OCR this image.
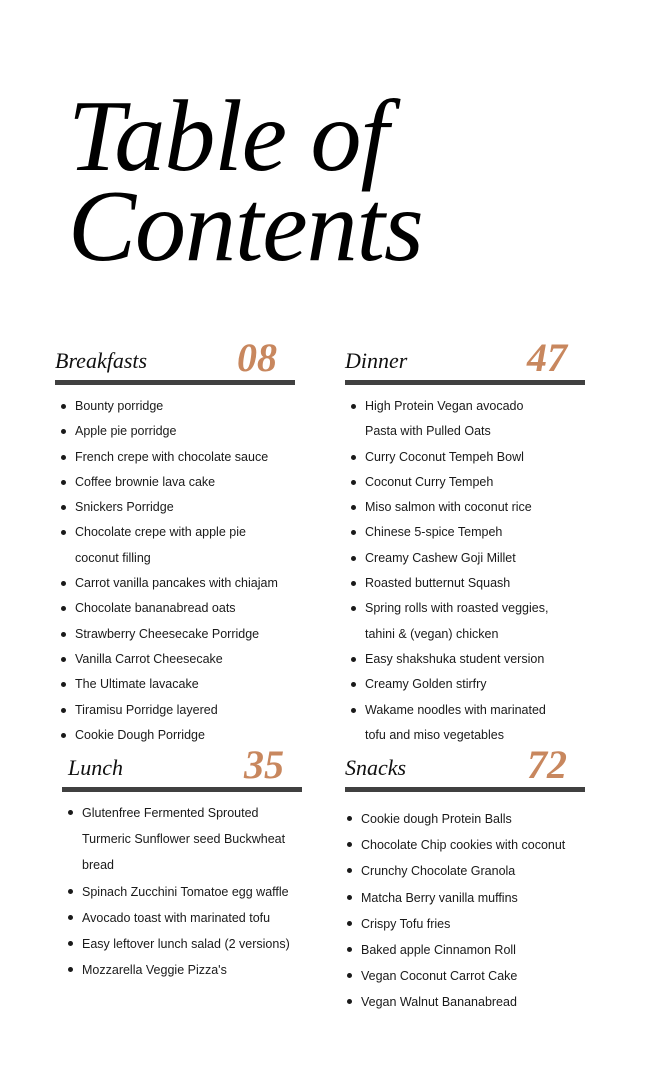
Table of
Contents
Breakfasts 08
Bounty porridge
Apple pie porridge
French crepe with chocolate sauce
Coffee brownie lava cake
Snickers Porridge
Chocolate crepe with apple pie coconut filling
Carrot vanilla pancakes with chiajam
Chocolate bananabread oats
Strawberry Cheesecake Porridge
Vanilla Carrot Cheesecake
The Ultimate lavacake
Tiramisu Porridge layered
Cookie Dough Porridge
Dinner	47
High Protein Vegan avocado Pasta with Pulled Oats
Curry Coconut Tempeh Bowl
Coconut Curry Tempeh
Miso salmon with coconut rice
Chinese 5-spice Tempeh
Creamy Cashew Goji Millet
Roasted butternut Squash
Spring rolls with roasted veggies, tahini & (vegan) chicken
Easy shakshuka student version
Creamy Golden stirfry
Wakame noodles with marinated tofu and miso vegetables
Lunch	35
Glutenfree Fermented Sprouted Turmeric Sunflower seed Buckwheat bread
Spinach Zucchini Tomatoe egg waffle
Avocado toast with marinated tofu
Easy leftover lunch salad (2 versions)
Mozzarella Veggie Pizza's
Snacks	72
Cookie dough Protein Balls
Chocolate Chip cookies with coconut
Crunchy Chocolate Granola
Matcha Berry vanilla muffins
Crispy Tofu fries
Baked apple Cinnamon Roll
Vegan Coconut Carrot Cake
Vegan Walnut Bananabread
